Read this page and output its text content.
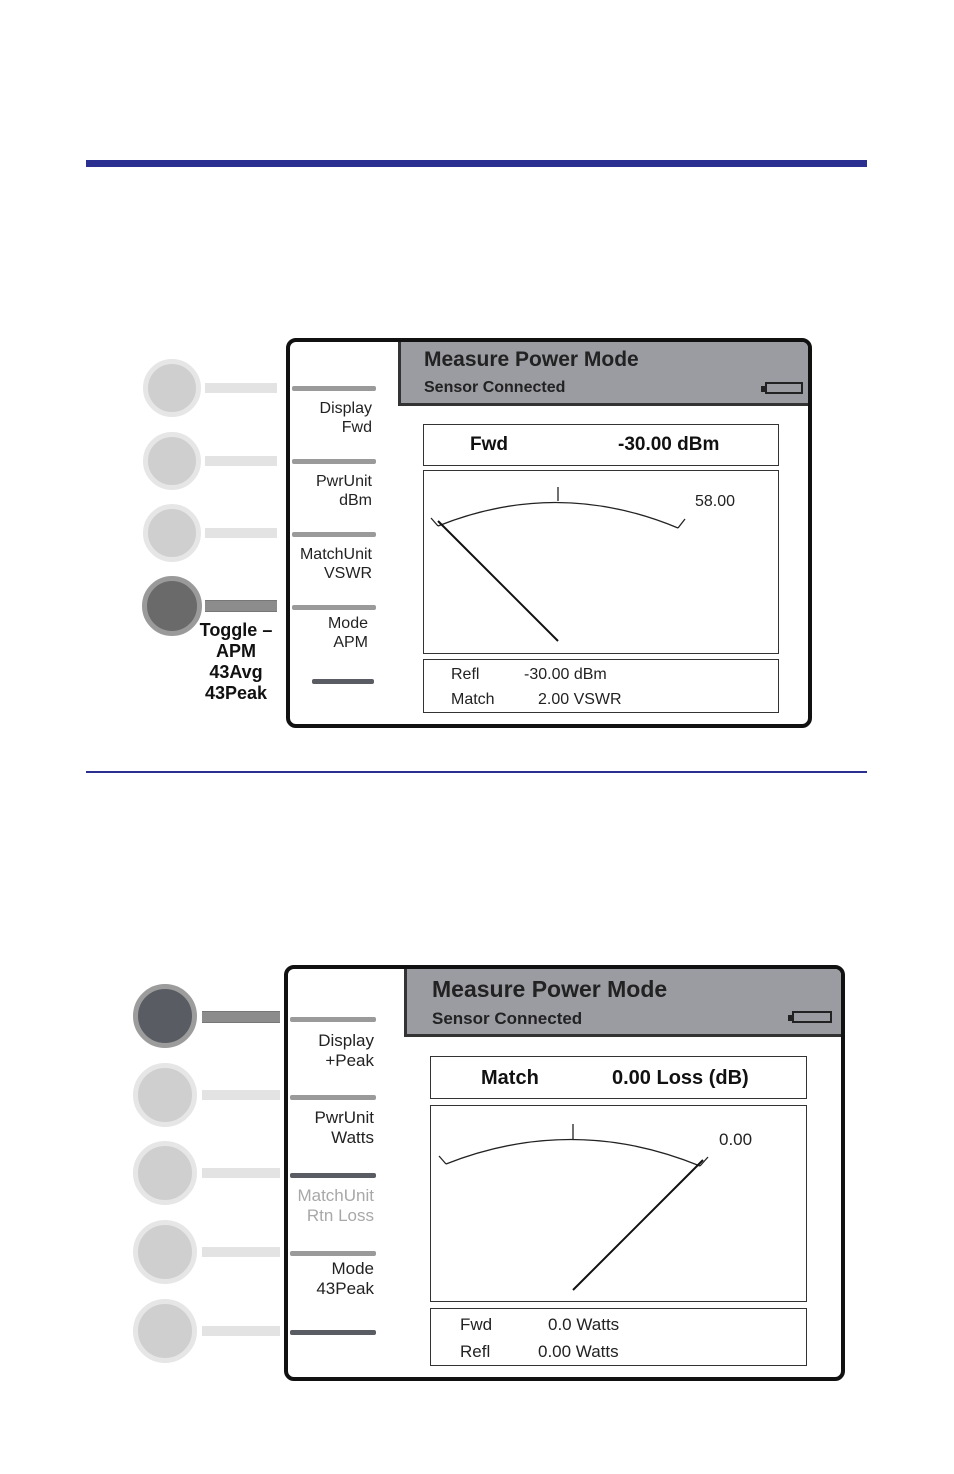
Toggle –
APM
43Avg
43Peak
Measure Power Mode
Sensor Connected
Display
Fwd
PwrUnit
dBm
MatchUnit
VSWR
Mode
APM
Fwd	-30.00 dBm
58.00
Refl	-30.00 dBm
Match	2.00 VSWR
Measure Power Mode
Sensor Connected
Display
+Peak
PwrUnit
Watts
MatchUnit
Rtn Loss
Mode
43Peak
Match	0.00 Loss (dB)
0.00
Fwd	0.0 Watts
Refl	0.00 Watts
